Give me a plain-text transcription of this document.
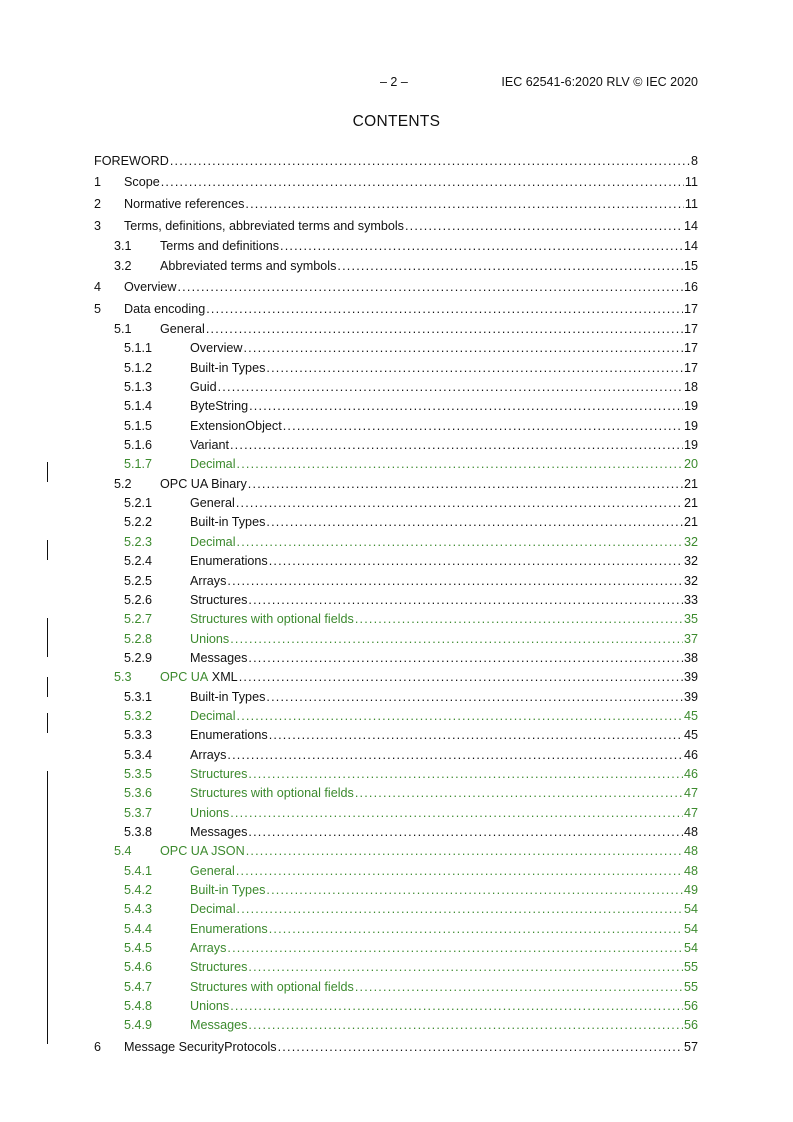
– 2 –	IEC 62541-6:2020 RLV © IEC 2020
CONTENTS
FOREWORD .....	8
1	Scope .....	11
2	Normative references .....	11
3	Terms, definitions, abbreviated terms and symbols .....	14
3.1	Terms and definitions .....	14
3.2	Abbreviated terms and symbols .....	15
4	Overview .....	16
5	Data encoding .....	17
5.1	General .....	17
5.1.1	Overview .....	17
5.1.2	Built-in Types .....	17
5.1.3	Guid .....	18
5.1.4	ByteString .....	19
5.1.5	ExtensionObject .....	19
5.1.6	Variant .....	19
5.1.7	Decimal .....	20
5.2	OPC UA Binary .....	21
5.2.1	General .....	21
5.2.2	Built-in Types .....	21
5.2.3	Decimal .....	32
5.2.4	Enumerations .....	32
5.2.5	Arrays .....	32
5.2.6	Structures .....	33
5.2.7	Structures with optional fields .....	35
5.2.8	Unions .....	37
5.2.9	Messages .....	38
5.3	OPC UA XML .....	39
5.3.1	Built-in Types .....	39
5.3.2	Decimal .....	45
5.3.3	Enumerations .....	45
5.3.4	Arrays .....	46
5.3.5	Structures .....	46
5.3.6	Structures with optional fields .....	47
5.3.7	Unions .....	47
5.3.8	Messages .....	48
5.4	OPC UA JSON .....	48
5.4.1	General .....	48
5.4.2	Built-in Types .....	49
5.4.3	Decimal .....	54
5.4.4	Enumerations .....	54
5.4.5	Arrays .....	54
5.4.6	Structures .....	55
5.4.7	Structures with optional fields .....	55
5.4.8	Unions .....	56
5.4.9	Messages .....	56
6	Message SecurityProtocols .....	57
